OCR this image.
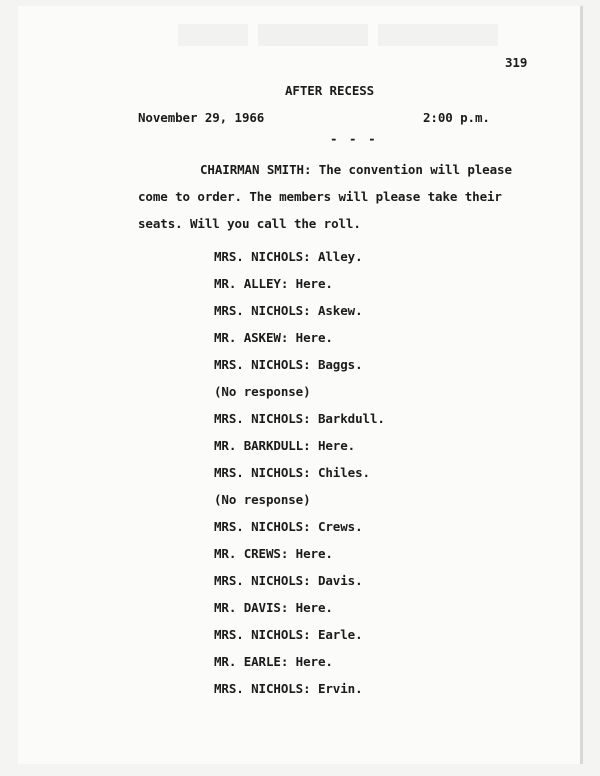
319
AFTER RECESS
November 29, 1966	2:00 p.m.
- - -
CHAIRMAN SMITH: The convention will please
come to order. The members will please take their
seats. Will you call the roll.
MRS. NICHOLS: Alley.
MR. ALLEY: Here.
MRS. NICHOLS: Askew.
MR. ASKEW: Here.
MRS. NICHOLS: Baggs.
(No response)
MRS. NICHOLS: Barkdull.
MR. BARKDULL: Here.
MRS. NICHOLS: Chiles.
(No response)
MRS. NICHOLS: Crews.
MR. CREWS: Here.
MRS. NICHOLS: Davis.
MR. DAVIS: Here.
MRS. NICHOLS: Earle.
MR. EARLE: Here.
MRS. NICHOLS: Ervin.
